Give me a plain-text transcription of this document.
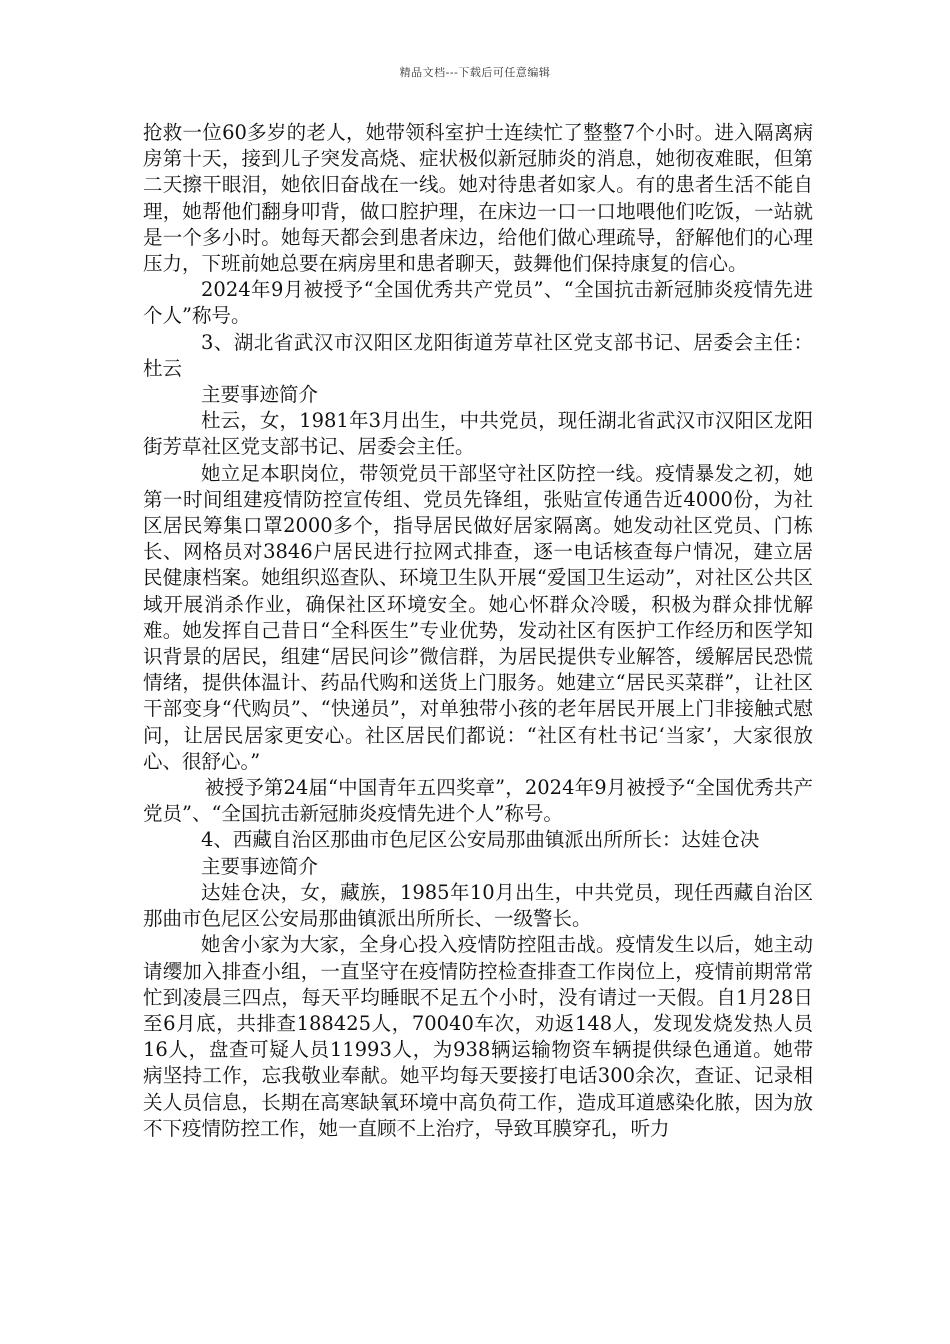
精品文档---下载后可任意编辑

抢救一位60多岁的老人，她带领科室护士连续忙了整整7个小时。进入隔离病房第十天，接到儿子突发高烧、症状极似新冠肺炎的消息，她彻夜难眠，但第二天擦干眼泪，她依旧奋战在一线。她对待患者如家人。有的患者生活不能自理，她帮他们翻身叩背，做口腔护理，在床边一口一口地喂他们吃饭，一站就是一个多小时。她每天都会到患者床边，给他们做心理疏导，舒解他们的心理压力，下班前她总要在病房里和患者聊天，鼓舞他们保持康复的信心。

2024年9月被授予“全国优秀共产党员”、“全国抗击新冠肺炎疫情先进个人”称号。

3、湖北省武汉市汉阳区龙阳街道芳草社区党支部书记、居委会主任：杜云

主要事迹简介

杜云，女，1981年3月出生，中共党员，现任湖北省武汉市汉阳区龙阳街芳草社区党支部书记、居委会主任。

她立足本职岗位，带领党员干部坚守社区防控一线。疫情暴发之初，她第一时间组建疫情防控宣传组、党员先锋组，张贴宣传通告近4000份，为社区居民筹集口罩2000多个，指导居民做好居家隔离。她发动社区党员、门栋长、网格员对3846户居民进行拉网式排查，逐一电话核查每户情况，建立居民健康档案。她组织巡查队、环境卫生队开展“爱国卫生运动”，对社区公共区域开展消杀作业，确保社区环境安全。她心怀群众冷暖，积极为群众排忧解难。她发挥自己昔日“全科医生”专业优势，发动社区有医护工作经历和医学知识背景的居民，组建“居民问诊”微信群，为居民提供专业解答，缓解居民恐慌情绪，提供体温计、药品代购和送货上门服务。她建立“居民买菜群”，让社区干部变身“代购员”、“快递员”，对单独带小孩的老年居民开展上门非接触式慰问，让居民居家更安心。社区居民们都说：“社区有杜书记‘当家’，大家很放心、很舒心。”

被授予第24届“中国青年五四奖章”，2024年9月被授予“全国优秀共产党员”、“全国抗击新冠肺炎疫情先进个人”称号。

4、西藏自治区那曲市色尼区公安局那曲镇派出所所长：达娃仓决

主要事迹简介

达娃仓决，女，藏族，1985年10月出生，中共党员，现任西藏自治区那曲市色尼区公安局那曲镇派出所所长、一级警长。

她舍小家为大家，全身心投入疫情防控阻击战。疫情发生以后，她主动请缨加入排查小组，一直坚守在疫情防控检查排查工作岗位上，疫情前期常常忙到凌晨三四点，每天平均睡眠不足五个小时，没有请过一天假。自1月28日至6月底，共排查188425人，70040车次，劝返148人，发现发烧发热人员16人，盘查可疑人员11993人，为938辆运输物资车辆提供绿色通道。她带病坚持工作，忘我敬业奉献。她平均每天要接打电话300余次，查证、记录相关人员信息，长期在高寒缺氧环境中高负荷工作，造成耳道感染化脓，因为放不下疫情防控工作，她一直顾不上治疗，导致耳膜穿孔，听力
